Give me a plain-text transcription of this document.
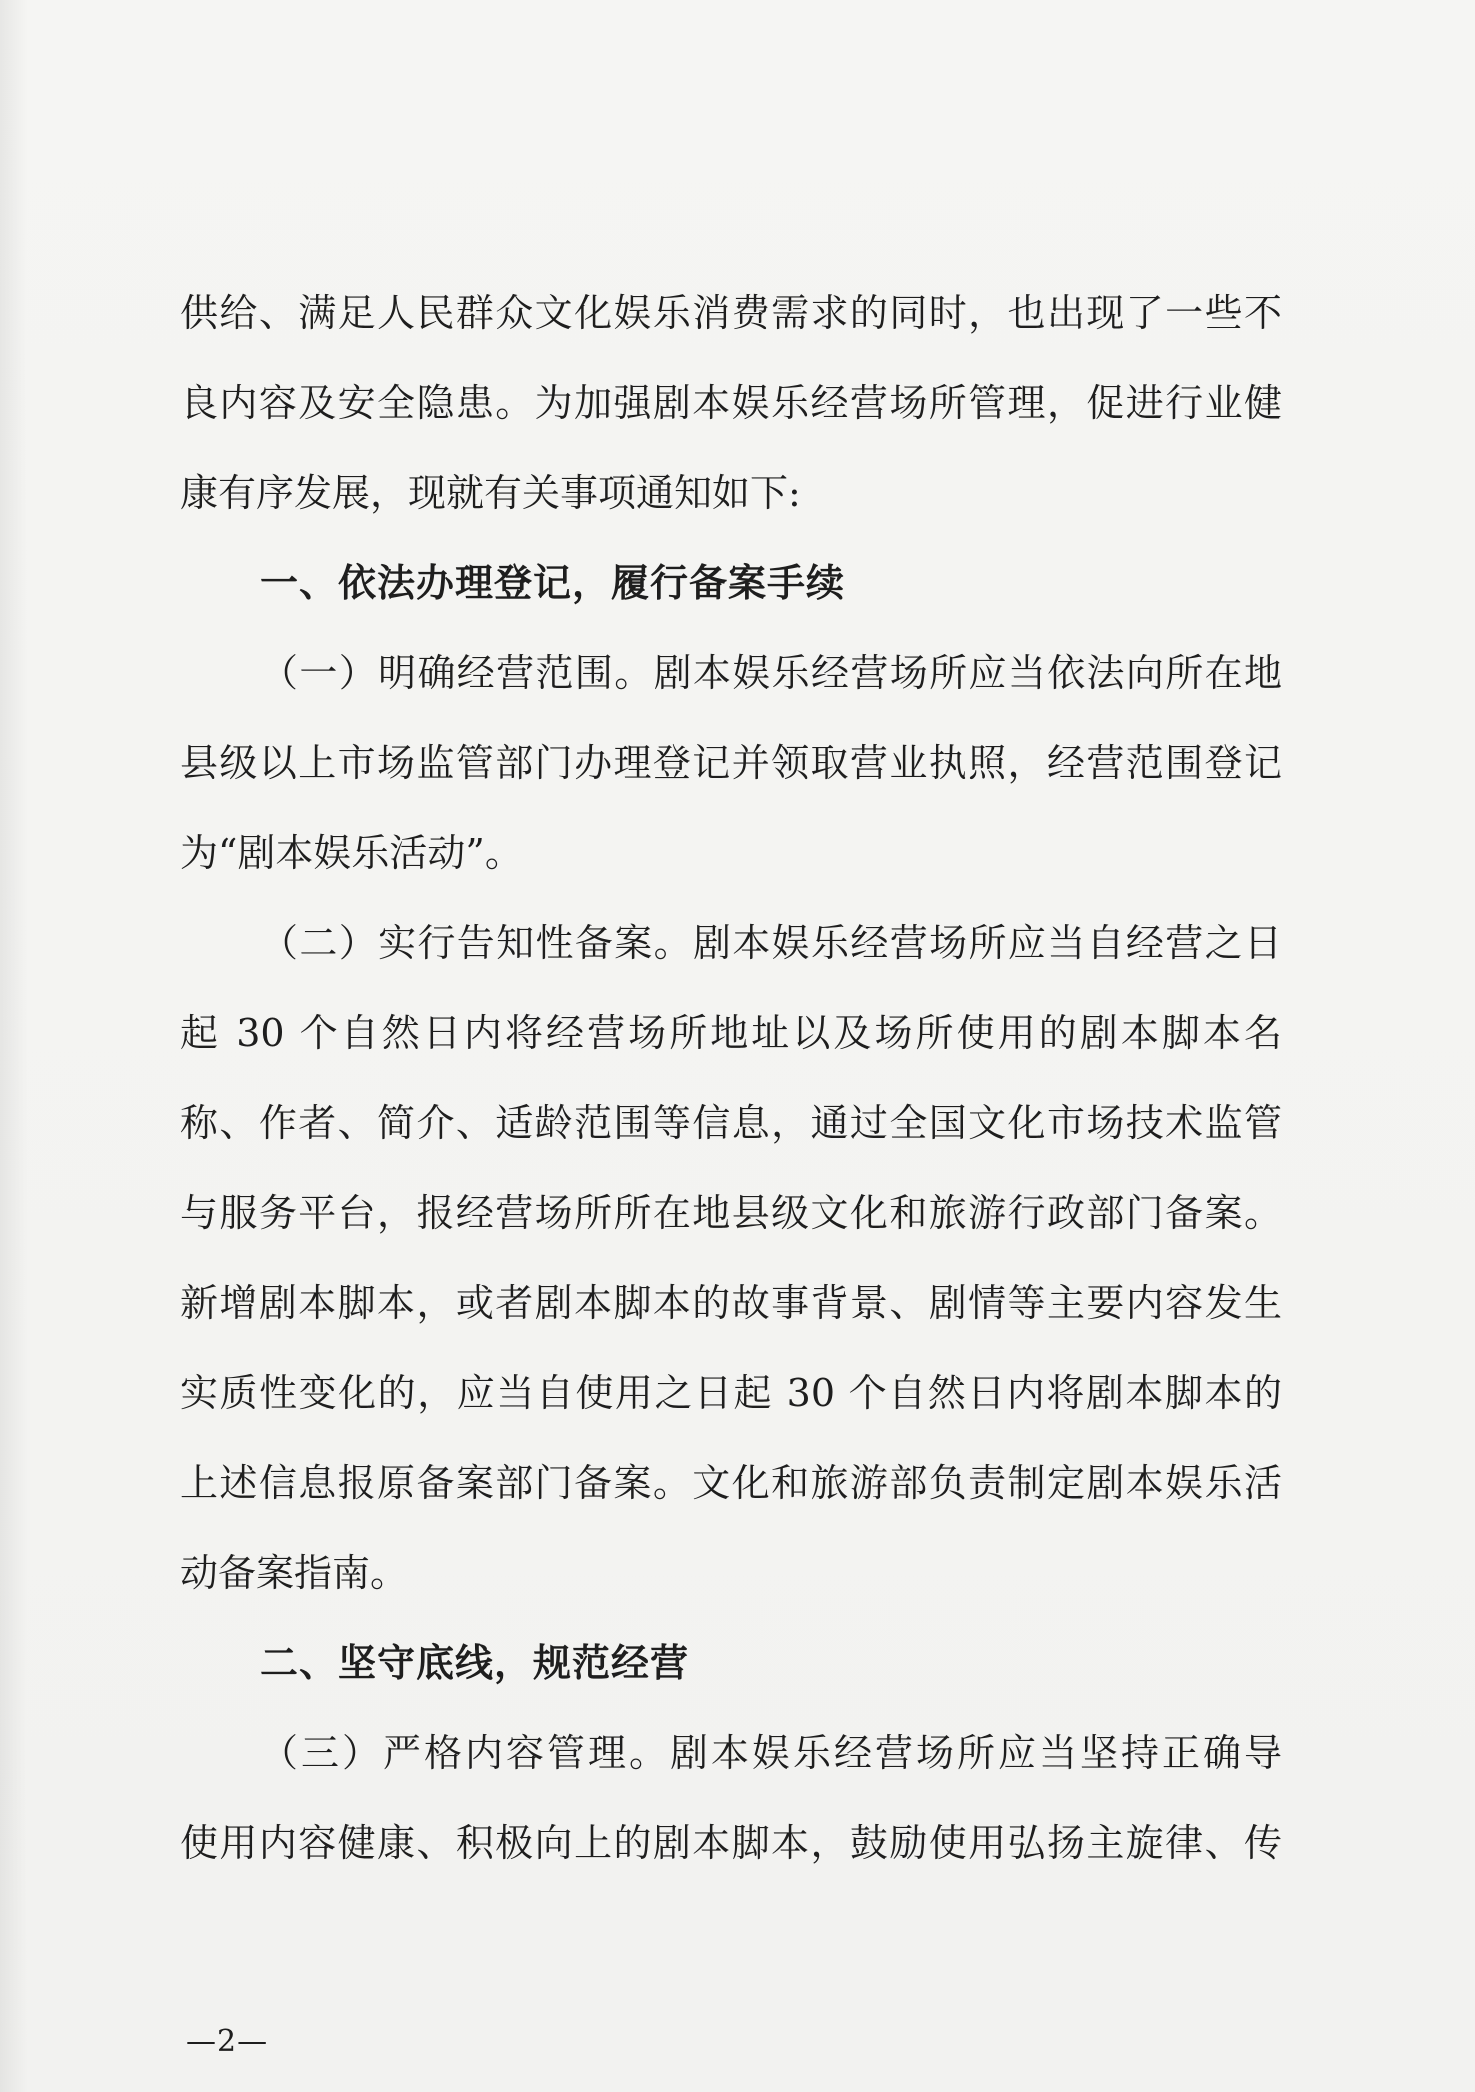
供给、满足人民群众文化娱乐消费需求的同时，也出现了一些不
良内容及安全隐患。为加强剧本娱乐经营场所管理，促进行业健
康有序发展，现就有关事项通知如下:
一、依法办理登记，履行备案手续
（一）明确经营范围。剧本娱乐经营场所应当依法向所在地
县级以上市场监管部门办理登记并领取营业执照，经营范围登记
为“剧本娱乐活动”。
（二）实行告知性备案。剧本娱乐经营场所应当自经营之日
起 30 个自然日内将经营场所地址以及场所使用的剧本脚本名
称、作者、简介、适龄范围等信息，通过全国文化市场技术监管
与服务平台，报经营场所所在地县级文化和旅游行政部门备案。
新增剧本脚本，或者剧本脚本的故事背景、剧情等主要内容发生
实质性变化的，应当自使用之日起 30 个自然日内将剧本脚本的
上述信息报原备案部门备案。文化和旅游部负责制定剧本娱乐活
动备案指南。
二、坚守底线，规范经营
（三）严格内容管理。剧本娱乐经营场所应当坚持正确导
使用内容健康、积极向上的剧本脚本，鼓励使用弘扬主旋律、传
—2—
